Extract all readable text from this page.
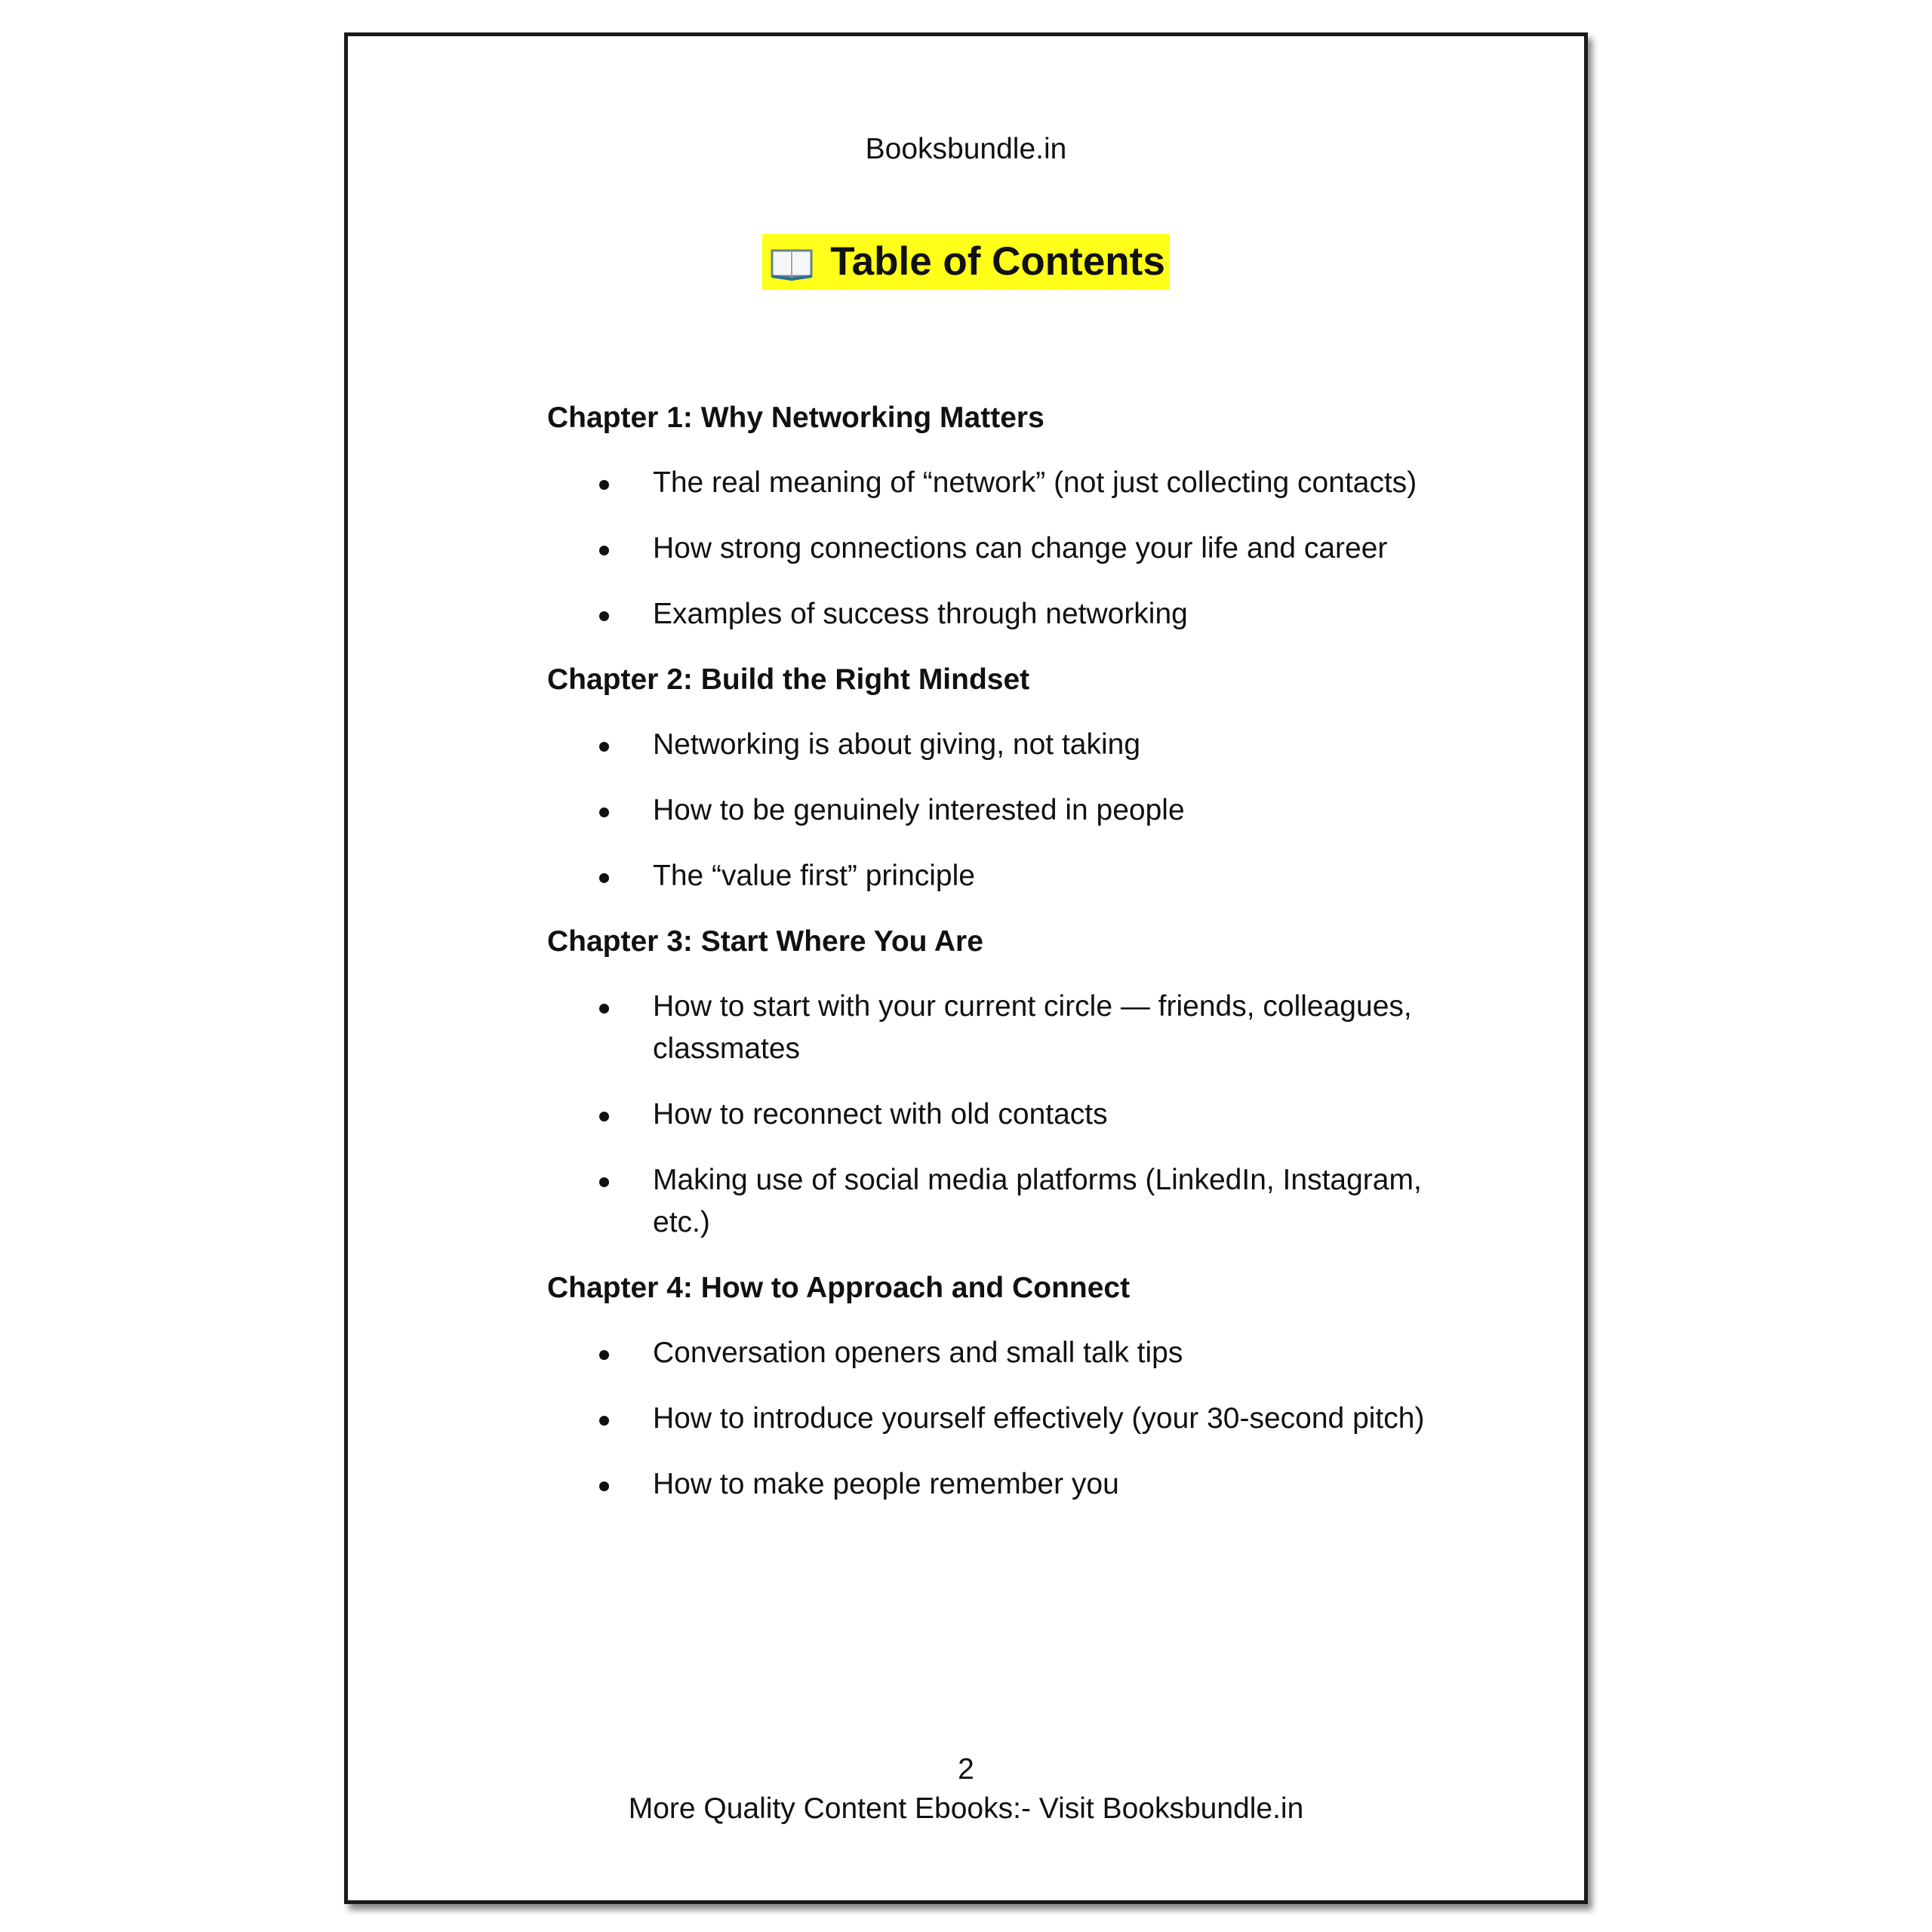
Booksbundle.in
Table of Contents
Chapter 1: Why Networking Matters
The real meaning of “network” (not just collecting contacts)
How strong connections can change your life and career
Examples of success through networking
Chapter 2: Build the Right Mindset
Networking is about giving, not taking
How to be genuinely interested in people
The “value first” principle
Chapter 3: Start Where You Are
How to start with your current circle — friends, colleagues, classmates
How to reconnect with old contacts
Making use of social media platforms (LinkedIn, Instagram, etc.)
Chapter 4: How to Approach and Connect
Conversation openers and small talk tips
How to introduce yourself effectively (your 30-second pitch)
How to make people remember you
2
More Quality Content Ebooks:- Visit Booksbundle.in
